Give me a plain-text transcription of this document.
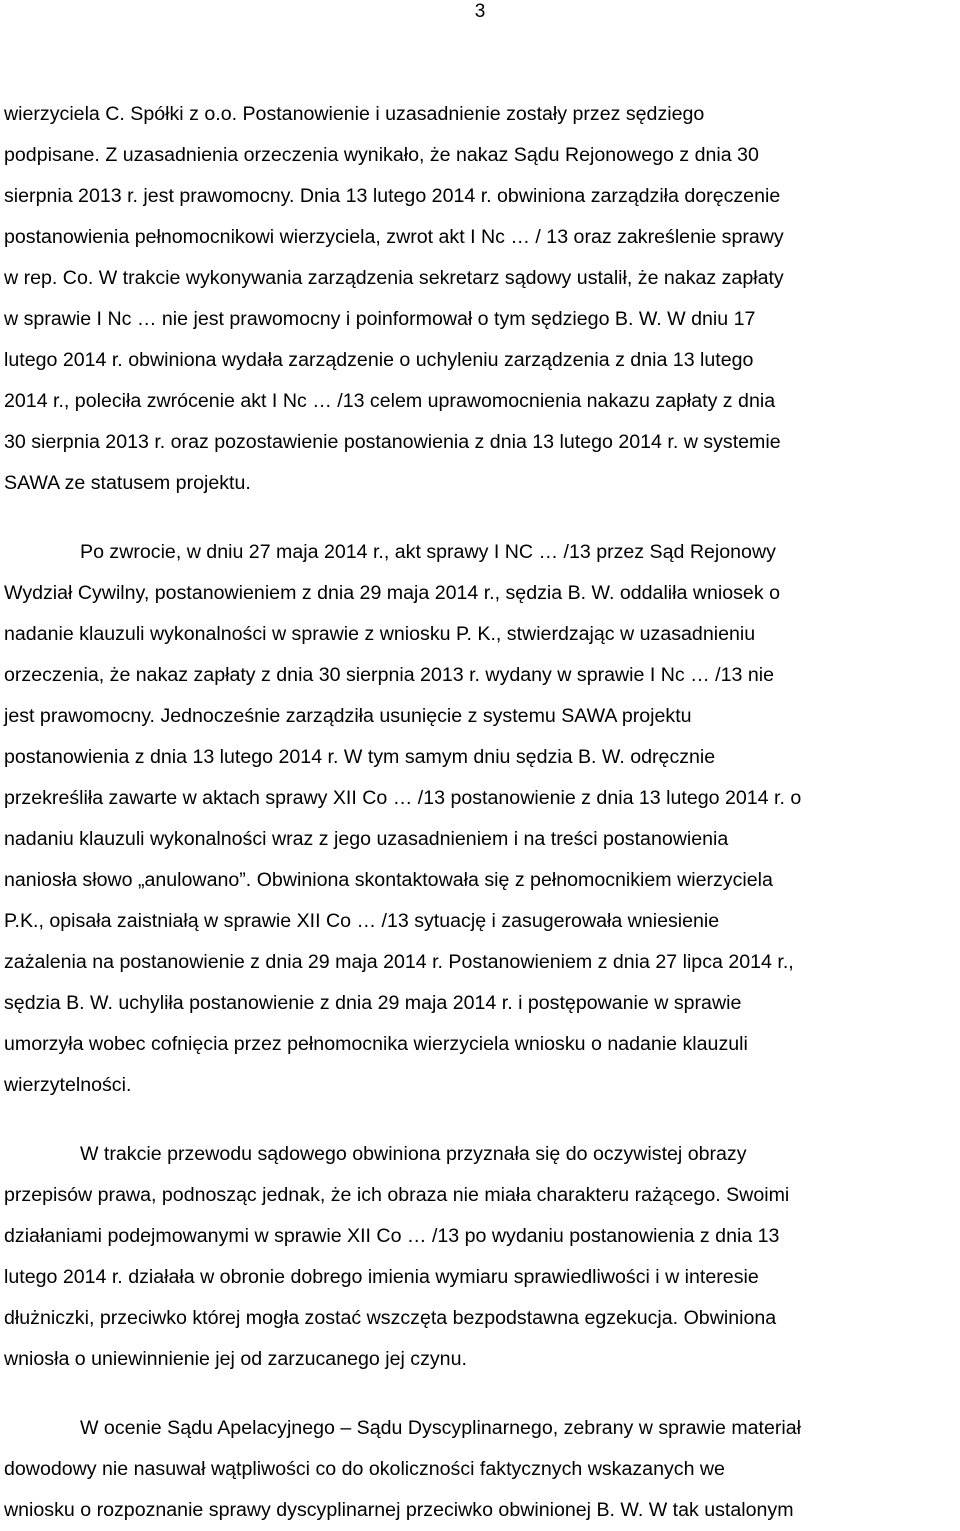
3
wierzyciela C. Spółki z o.o. Postanowienie i uzasadnienie zostały przez sędziego
podpisane. Z uzasadnienia orzeczenia wynikało, że nakaz Sądu Rejonowego z dnia 30
sierpnia 2013 r. jest prawomocny. Dnia 13 lutego 2014 r. obwiniona zarządziła doręczenie
postanowienia pełnomocnikowi wierzyciela, zwrot akt I Nc … / 13 oraz zakreślenie sprawy
w rep. Co. W trakcie wykonywania zarządzenia sekretarz sądowy ustalił, że nakaz zapłaty
w sprawie I Nc … nie jest prawomocny i poinformował o tym sędziego B. W. W dniu 17
lutego 2014 r. obwiniona wydała zarządzenie o uchyleniu zarządzenia z dnia 13 lutego
2014 r., poleciła zwrócenie akt I Nc … /13 celem uprawomocnienia nakazu zapłaty z dnia
30 sierpnia 2013 r. oraz pozostawienie postanowienia z dnia 13 lutego 2014 r. w systemie
SAWA ze statusem projektu.
Po zwrocie, w dniu 27 maja 2014 r., akt sprawy I NC … /13 przez Sąd Rejonowy
Wydział Cywilny, postanowieniem z dnia 29 maja 2014 r., sędzia B. W. oddaliła wniosek o
nadanie klauzuli wykonalności w sprawie z wniosku P. K., stwierdzając w uzasadnieniu
orzeczenia, że nakaz zapłaty z dnia 30 sierpnia 2013 r. wydany w sprawie I Nc … /13 nie
jest prawomocny. Jednocześnie zarządziła usunięcie z systemu SAWA projektu
postanowienia z dnia 13 lutego 2014 r. W tym samym dniu sędzia B. W. odręcznie
przekreśliła zawarte w aktach sprawy XII Co … /13 postanowienie z dnia 13 lutego 2014 r. o
nadaniu klauzuli wykonalności wraz z jego uzasadnieniem i na treści postanowienia
naniosła słowo „anulowano”. Obwiniona skontaktowała się z pełnomocnikiem wierzyciela
P.K., opisała zaistniałą w sprawie XII Co … /13 sytuację i zasugerowała wniesienie
zażalenia na postanowienie z dnia 29 maja 2014 r. Postanowieniem z dnia 27 lipca 2014 r.,
sędzia B. W. uchyliła postanowienie z dnia 29 maja 2014 r. i postępowanie w sprawie
umorzyła wobec cofnięcia przez pełnomocnika wierzyciela wniosku o nadanie klauzuli
wierzytelności.
W trakcie przewodu sądowego obwiniona przyznała się do oczywistej obrazy
przepisów prawa, podnosząc jednak, że ich obraza nie miała charakteru rażącego. Swoimi
działaniami podejmowanymi w sprawie XII Co … /13 po wydaniu postanowienia z dnia 13
lutego 2014 r. działała w obronie dobrego imienia wymiaru sprawiedliwości i w interesie
dłużniczki, przeciwko której mogła zostać wszczęta bezpodstawna egzekucja. Obwiniona
wniosła o uniewinnienie jej od zarzucanego jej czynu.
W ocenie Sądu Apelacyjnego – Sądu Dyscyplinarnego, zebrany w sprawie materiał
dowodowy nie nasuwał wątpliwości co do okoliczności faktycznych wskazanych we
wniosku o rozpoznanie sprawy dyscyplinarnej przeciwko obwinionej B. W. W tak ustalonym
